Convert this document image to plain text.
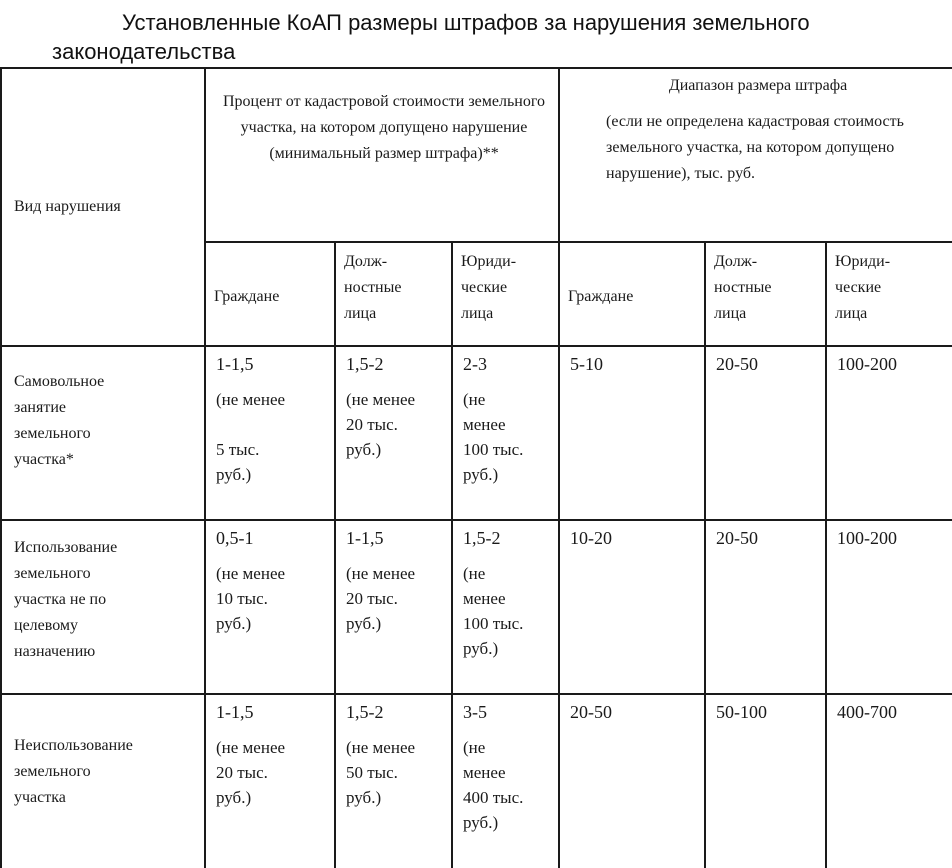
Установленные КоАП размеры штрафов за нарушения земельного
законодательства
Вид нарушения	Процент от кадастровой стоимости земельного участка, на котором допущено нарушение (минимальный размер штрафа)**			Диапазон размера штрафа
(если не определена кадастровая стоимость земельного участка, на котором допущено нарушение), тыс. руб.		

	Граждане	Долж-
ностные
лица	Юриди-
ческие
лица	Граждане	Долж-
ностные
лица	Юриди-
ческие
лица

Самовольное
занятие
земельного
участка*	1-1,5
(не менее

5 тыс.
руб.)	1,5-2
(не менее
20 тыс.
руб.)	2-3
(не
менее
100 тыс.
руб.)	5-10	20-50	100-200

Использование
земельного
участка не по
целевому
назначению	0,5-1
(не менее
10 тыс.
руб.)	1-1,5
(не менее
20 тыс.
руб.)	1,5-2
(не
менее
100 тыс.
руб.)	10-20	20-50	100-200

Неиспользование
земельного
участка	1-1,5
(не менее
20 тыс.
руб.)	1,5-2
(не менее
50 тыс.
руб.)	3-5
(не
менее
400 тыс.
руб.)	20-50	50-100	400-700
